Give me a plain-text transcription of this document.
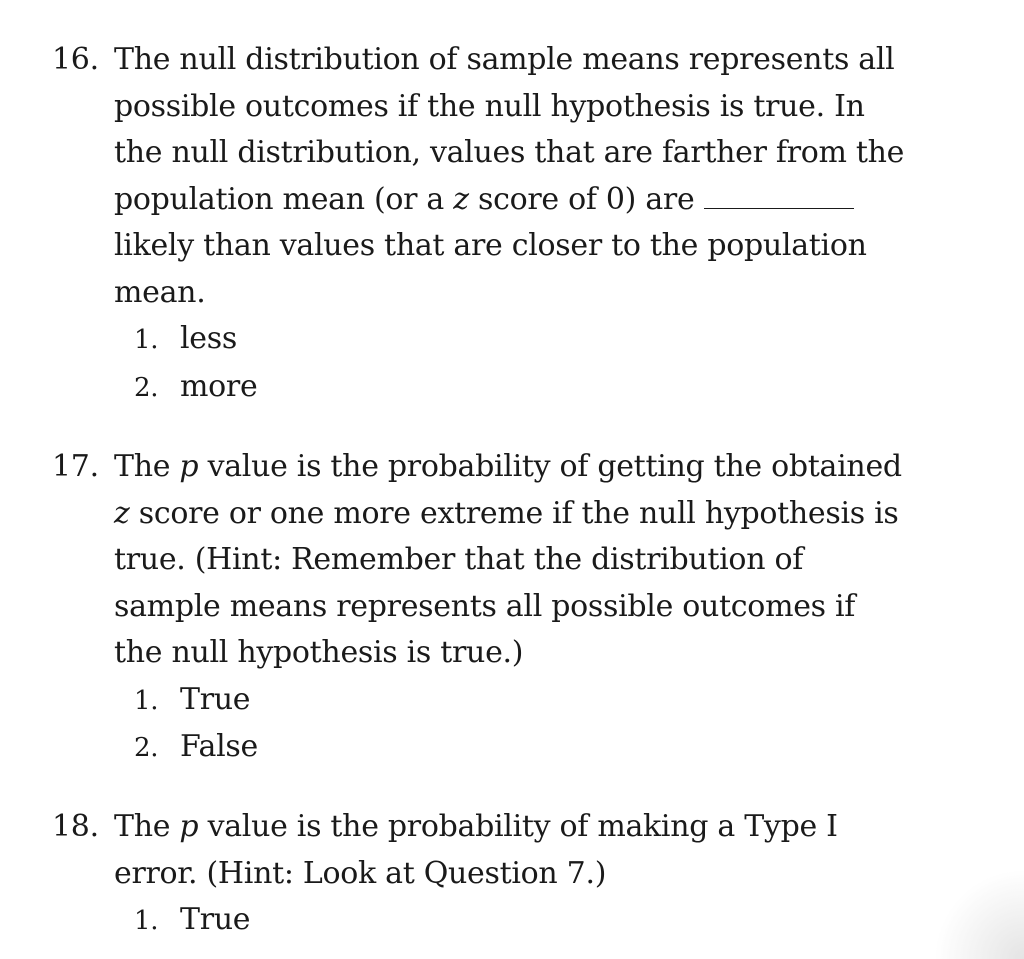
16. The null distribution of sample means represents all possible outcomes if the null hypothesis is true. In the null distribution, values that are farther from the population mean (or a z score of 0) are likely than values that are closer to the population mean.
1. less
2. more
17. The p value is the probability of getting the obtained z score or one more extreme if the null hypothesis is true. (Hint: Remember that the distribution of sample means represents all possible outcomes if the null hypothesis is true.)
1. True
2. False
18. The p value is the probability of making a Type I error. (Hint: Look at Question 7.)
1. True
